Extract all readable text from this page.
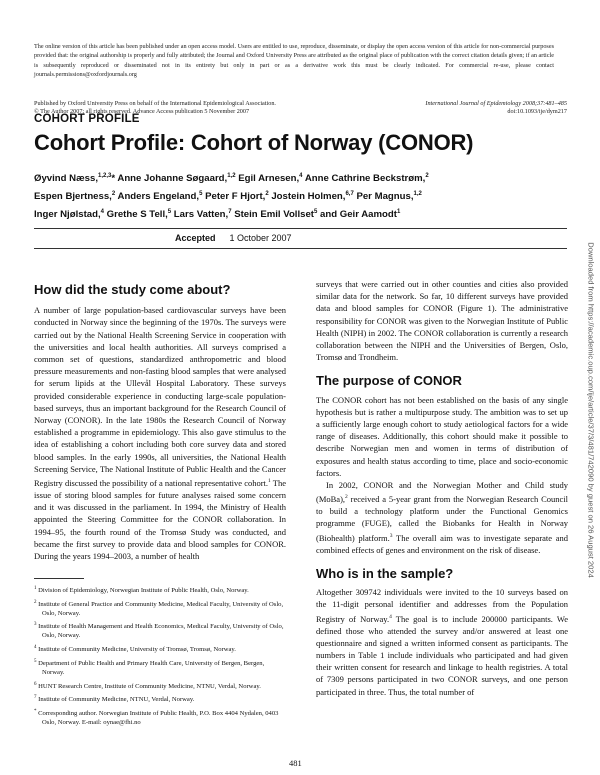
The online version of this article has been published under an open access model. Users are entitled to use, reproduce, disseminate, or display the open access version of this article for non-commercial purposes provided that: the original authorship is properly and fully attributed; the Journal and Oxford University Press are attributed as the original place of publication with the correct citation details given; if an article is subsequently reproduced or disseminated not in its entirety but only in part or as a derivative work this must be clearly indicated. For commercial re-use, please contact journals.permissions@oxfordjournals.org
Published by Oxford University Press on behalf of the International Epidemiological Association.	International Journal of Epidemiology 2008;37:481–485
© The Author 2007; all rights reserved. Advance Access publication 5 November 2007	doi:10.1093/ije/dym217
COHORT PROFILE
Cohort Profile: Cohort of Norway (CONOR)
Øyvind Næss,$^{1,2,3}$* Anne Johanne Søgaard,$^{1,2}$ Egil Arnesen,$^4$ Anne Cathrine Beckstrøm,$^2$
Espen Bjertness,$^2$ Anders Engeland,$^5$ Peter F Hjort,$^2$ Jostein Holmen,$^{6,7}$ Per Magnus,$^{1,2}$
Inger Njølstad,$^4$ Grethe S Tell,$^5$ Lars Vatten,$^7$ Stein Emil Vollset$^5$ and Geir Aamodt$^1$
Accepted 1 October 2007
How did the study come about?

A number of large population-based cardiovascular surveys have been conducted in Norway since the beginning of the 1970s. The surveys were carried out by the National Health Screening Service in cooperation with the universities and local health authorities. All surveys comprised a common set of questions, standardized anthropometric and blood pressure measurements and non-fasting blood samples that were analysed for serum lipids at the Ullevål Hospital Laboratory. These surveys provided considerable experience in conducting large-scale population-based surveys, thus an important background for the Research Council of Norway (CONOR). In the late 1980s the Research Council of Norway established a programme in epidemiology. This also gave stimulus to the idea of establishing a cohort including both core survey data and stored blood samples. In the early 1990s, all universities, the National Health Screening Service, The National Institute of Public Health and the Cancer Registry discussed the possibility of a national representative cohort.$^1$ The issue of storing blood samples for future analyses raised some concern and it was discussed in the parliament. In 1994, the Ministry of Health appointed the Steering Committee for the CONOR collaboration. In 1994–95, the fourth round of the Tromsø Study was conducted, and became the first survey to provide data and blood samples for CONOR. During the years 1994–2003, a number of health

$^1$ Division of Epidemiology, Norwegian Institute of Public Health, Oslo, Norway.
$^2$ Institute of General Practice and Community Medicine, Medical Faculty, University of Oslo, Oslo, Norway.
$^3$ Institute of Health Management and Health Economics, Medical Faculty, University of Oslo, Oslo, Norway.
$^4$ Institute of Community Medicine, University of Tromsø, Tromsø, Norway.
$^5$ Department of Public Health and Primary Health Care, University of Bergen, Bergen, Norway.
$^6$ HUNT Research Centre, Institute of Community Medicine, NTNU, Verdal, Norway.
$^7$ Institute of Community Medicine, NTNU, Verdal, Norway.
* Corresponding author. Norwegian Institute of Public Health, P.O. Box 4404 Nydalen, 0403 Oslo, Norway. E-mail: oynae@fhi.no

surveys that were carried out in other counties and cities also provided similar data for the network. So far, 10 different surveys have provided data and blood samples for CONOR (Figure 1). The administrative responsibility for CONOR was given to the Norwegian Institute of Public Health (NIPH) in 2002. The CONOR collaboration is currently a research collaboration between the NIPH and the Universities of Bergen, Oslo, Tromsø and Trondheim.

The purpose of CONOR

The CONOR cohort has not been established on the basis of any single hypothesis but is rather a multipurpose study. The ambition was to set up a sufficiently large enough cohort to study aetiological factors for a wide range of diseases. Additionally, this cohort should make it possible to describe Norwegian men and women in terms of distribution of exposures and health status according to time, place and socio-economic factors.

In 2002, CONOR and the Norwegian Mother and Child study (MoBa),$^2$ received a 5-year grant from the Norwegian Research Council to build a technology platform under the Functional Genomics programme (FUGE), called the Biobanks for Health in Norway (Biohealth) platform.$^3$ The overall aim was to investigate separate and combined effects of genes and environment on the risk of disease.

Who is in the sample?

Altogether 309742 individuals were invited to the 10 surveys based on the 11-digit personal identifier and addresses from the Population Registry of Norway.$^4$ The goal is to include 200000 participants. We defined those who attended the survey and/or answered at least one questionnaire and signed a written informed consent as participants. The numbers in Table 1 include individuals who participated and had given their written consent for research and linkage to health registries. A total of 7309 persons participated in two CONOR surveys, and one person participated in three. Thus, the total number of

481
Downloaded from https://academic.oup.com/ije/article/37/3/481/742090 by guest on 26 August 2024
